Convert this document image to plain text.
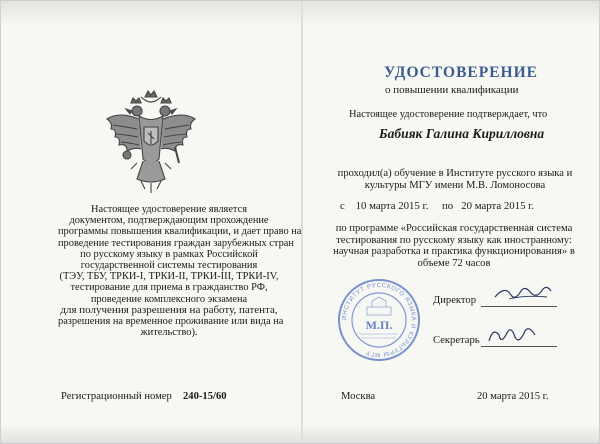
Настоящее удостоверение является
документом, подтверждающим прохождение
программы повышения квалификации, и дает право на
проведение тестирования граждан зарубежных стран
по русскому языку в рамках Российской
государственной системы тестирования
(ТЭУ, ТБУ, ТРКИ-I, ТРКИ-II, ТРКИ-III, ТРКИ-IV,
тестирование для приема в гражданство РФ,
проведение комплексного экзамена
для получения разрешения на работу, патента,
разрешения на временное проживание или вида на
жительство).
Регистрационный номер 240-15/60
УДОСТОВЕРЕНИЕ
о повышении квалификации
Настоящее удостоверение подтверждает, что
Бабияк Галина Кирилловна
проходил(а) обучение в Институте русского языка и
культуры МГУ имени М.В. Ломоносова
с 10 марта 2015 г. по 20 марта 2015 г.
по программе «Российская государственная система
тестирования по русскому языку как иностранному:
научная разработка и практика функционирования» в
объеме 72 часов
ИНСТИТУТ РУССКОГО ЯЗЫКА И КУЛЬТУРЫ МГУ
М.П.
Директор
Секретарь
Москва	20 марта 2015 г.
